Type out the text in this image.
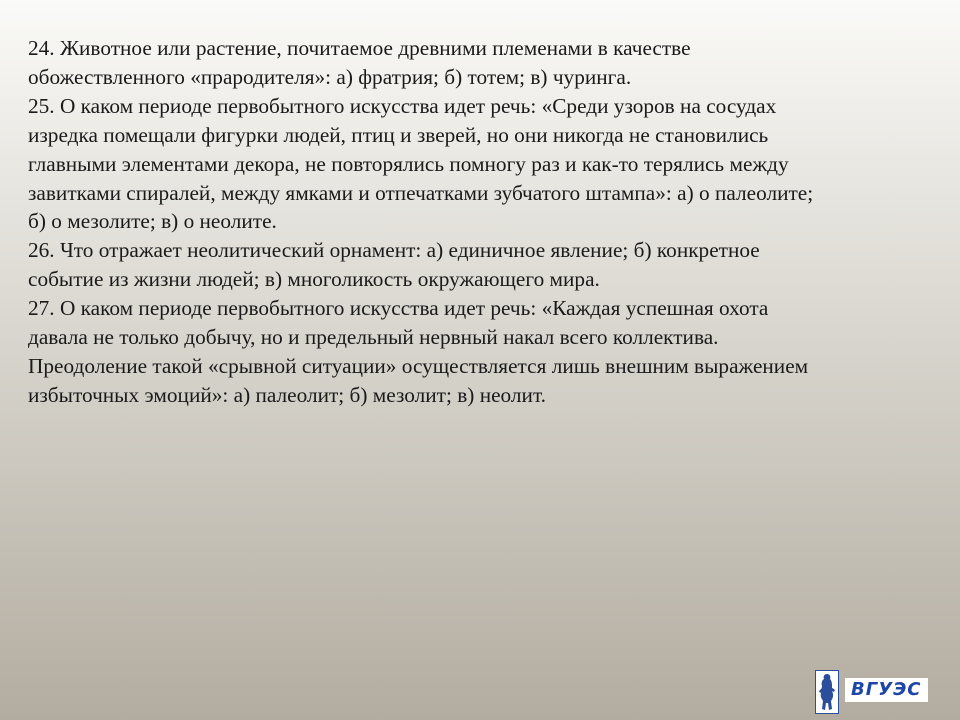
24. Животное или растение, почитаемое древними племенами в качестве
обожествленного «прародителя»: а) фратрия; б) тотем; в) чуринга.

25. О каком периоде первобытного искусства идет речь: «Среди узоров на сосудах
изредка помещали фигурки людей, птиц и зверей, но они никогда не становились
главными элементами декора, не повторялись помногу раз и как-то терялись между
завитками спиралей, между ямками и отпечатками зубчатого штампа»: а) о палеолите;
б) о мезолите; в) о неолите.

26. Что отражает неолитический орнамент: а) единичное явление; б) конкретное
событие из жизни людей; в) многоликость окружающего мира.

27. О каком периоде первобытного искусства идет речь: «Каждая успешная охота
давала не только добычу, но и предельный нервный накал всего коллектива.
Преодоление такой «срывной ситуации» осуществляется лишь внешним выражением
избыточных эмоций»: а) палеолит; б) мезолит; в) неолит.

ВГУЭС
